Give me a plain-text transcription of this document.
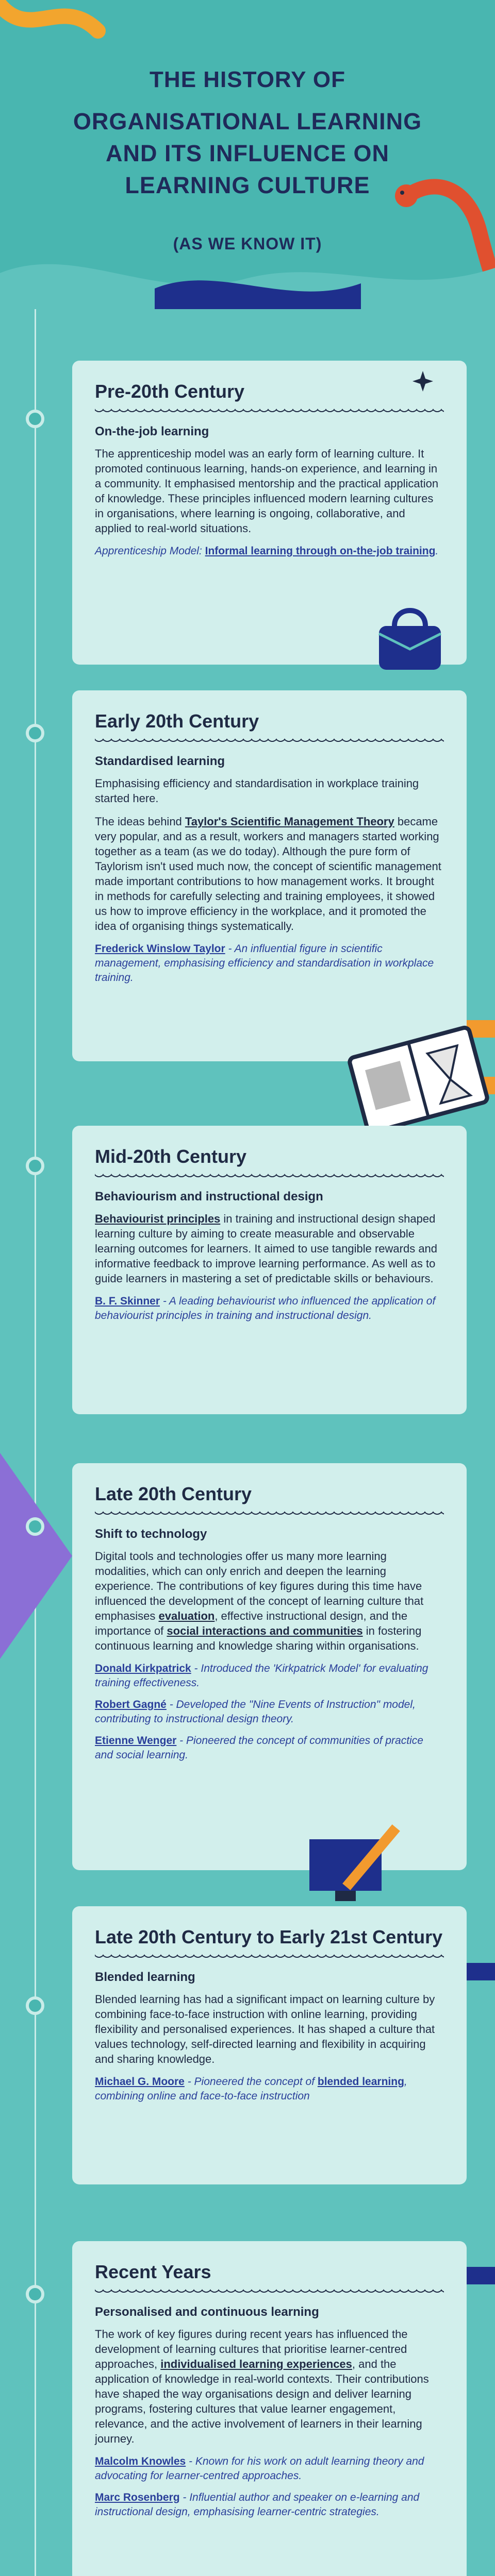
THE HISTORY OF
ORGANISATIONAL LEARNING
AND ITS INFLUENCE ON
LEARNING CULTURE
(AS WE KNOW IT)
Pre-20th Century

On-the-job learning

The apprenticeship model was an early form of learning culture. It promoted continuous learning, hands-on experience, and learning in a community. It emphasised mentorship and the practical application of knowledge. These principles influenced modern learning cultures in organisations, where learning is ongoing, collaborative, and applied to real-world situations.

Apprenticeship Model: Informal learning through on-the-job training.

Early 20th Century

Standardised learning

Emphasising efficiency and standardisation in workplace training started here.

The ideas behind Taylor's Scientific Management Theory became very popular, and as a result, workers and managers started working together as a team (as we do today). Although the pure form of Taylorism isn't used much now, the concept of scientific management made important contributions to how management works. It brought in methods for carefully selecting and training employees, it showed us how to improve efficiency in the workplace, and it promoted the idea of organising things systematically.

Frederick Winslow Taylor - An influential figure in scientific management, emphasising efficiency and standardisation in workplace training.

Mid-20th Century

Behaviourism and instructional design

Behaviourist principles in training and instructional design shaped learning culture by aiming to create measurable and observable learning outcomes for learners. It aimed to use tangible rewards and informative feedback to improve learning performance. As well as to guide learners in mastering a set of predictable skills or behaviours.

B. F. Skinner - A leading behaviourist who influenced the application of behaviourist principles in training and instructional design.

Late 20th Century

Shift to technology

Digital tools and technologies offer us many more learning modalities, which can only enrich and deepen the learning experience. The contributions of key figures during this time have influenced the development of the concept of learning culture that emphasises evaluation, effective instructional design, and the importance of social interactions and communities in fostering continuous learning and knowledge sharing within organisations.

Donald Kirkpatrick - Introduced the 'Kirkpatrick Model' for evaluating training effectiveness.

Robert Gagné - Developed the "Nine Events of Instruction" model, contributing to instructional design theory.

Etienne Wenger - Pioneered the concept of communities of practice and social learning.

Late 20th Century to Early 21st Century

Blended learning

Blended learning has had a significant impact on learning culture by combining face-to-face instruction with online learning, providing flexibility and personalised experiences. It has shaped a culture that values technology, self-directed learning and flexibility in acquiring and sharing knowledge.

Michael G. Moore - Pioneered the concept of blended learning, combining online and face-to-face instruction

Recent Years

Personalised and continuous learning

The work of key figures during recent years has influenced the development of learning cultures that prioritise learner-centred approaches, individualised learning experiences, and the application of knowledge in real-world contexts. Their contributions have shaped the way organisations design and deliver learning programs, fostering cultures that value learner engagement, relevance, and the active involvement of learners in their learning journey.

Malcolm Knowles - Known for his work on adult learning theory and advocating for learner-centred approaches.

Marc Rosenberg - Influential author and speaker on e-learning and instructional design, emphasising learner-centric strategies.
